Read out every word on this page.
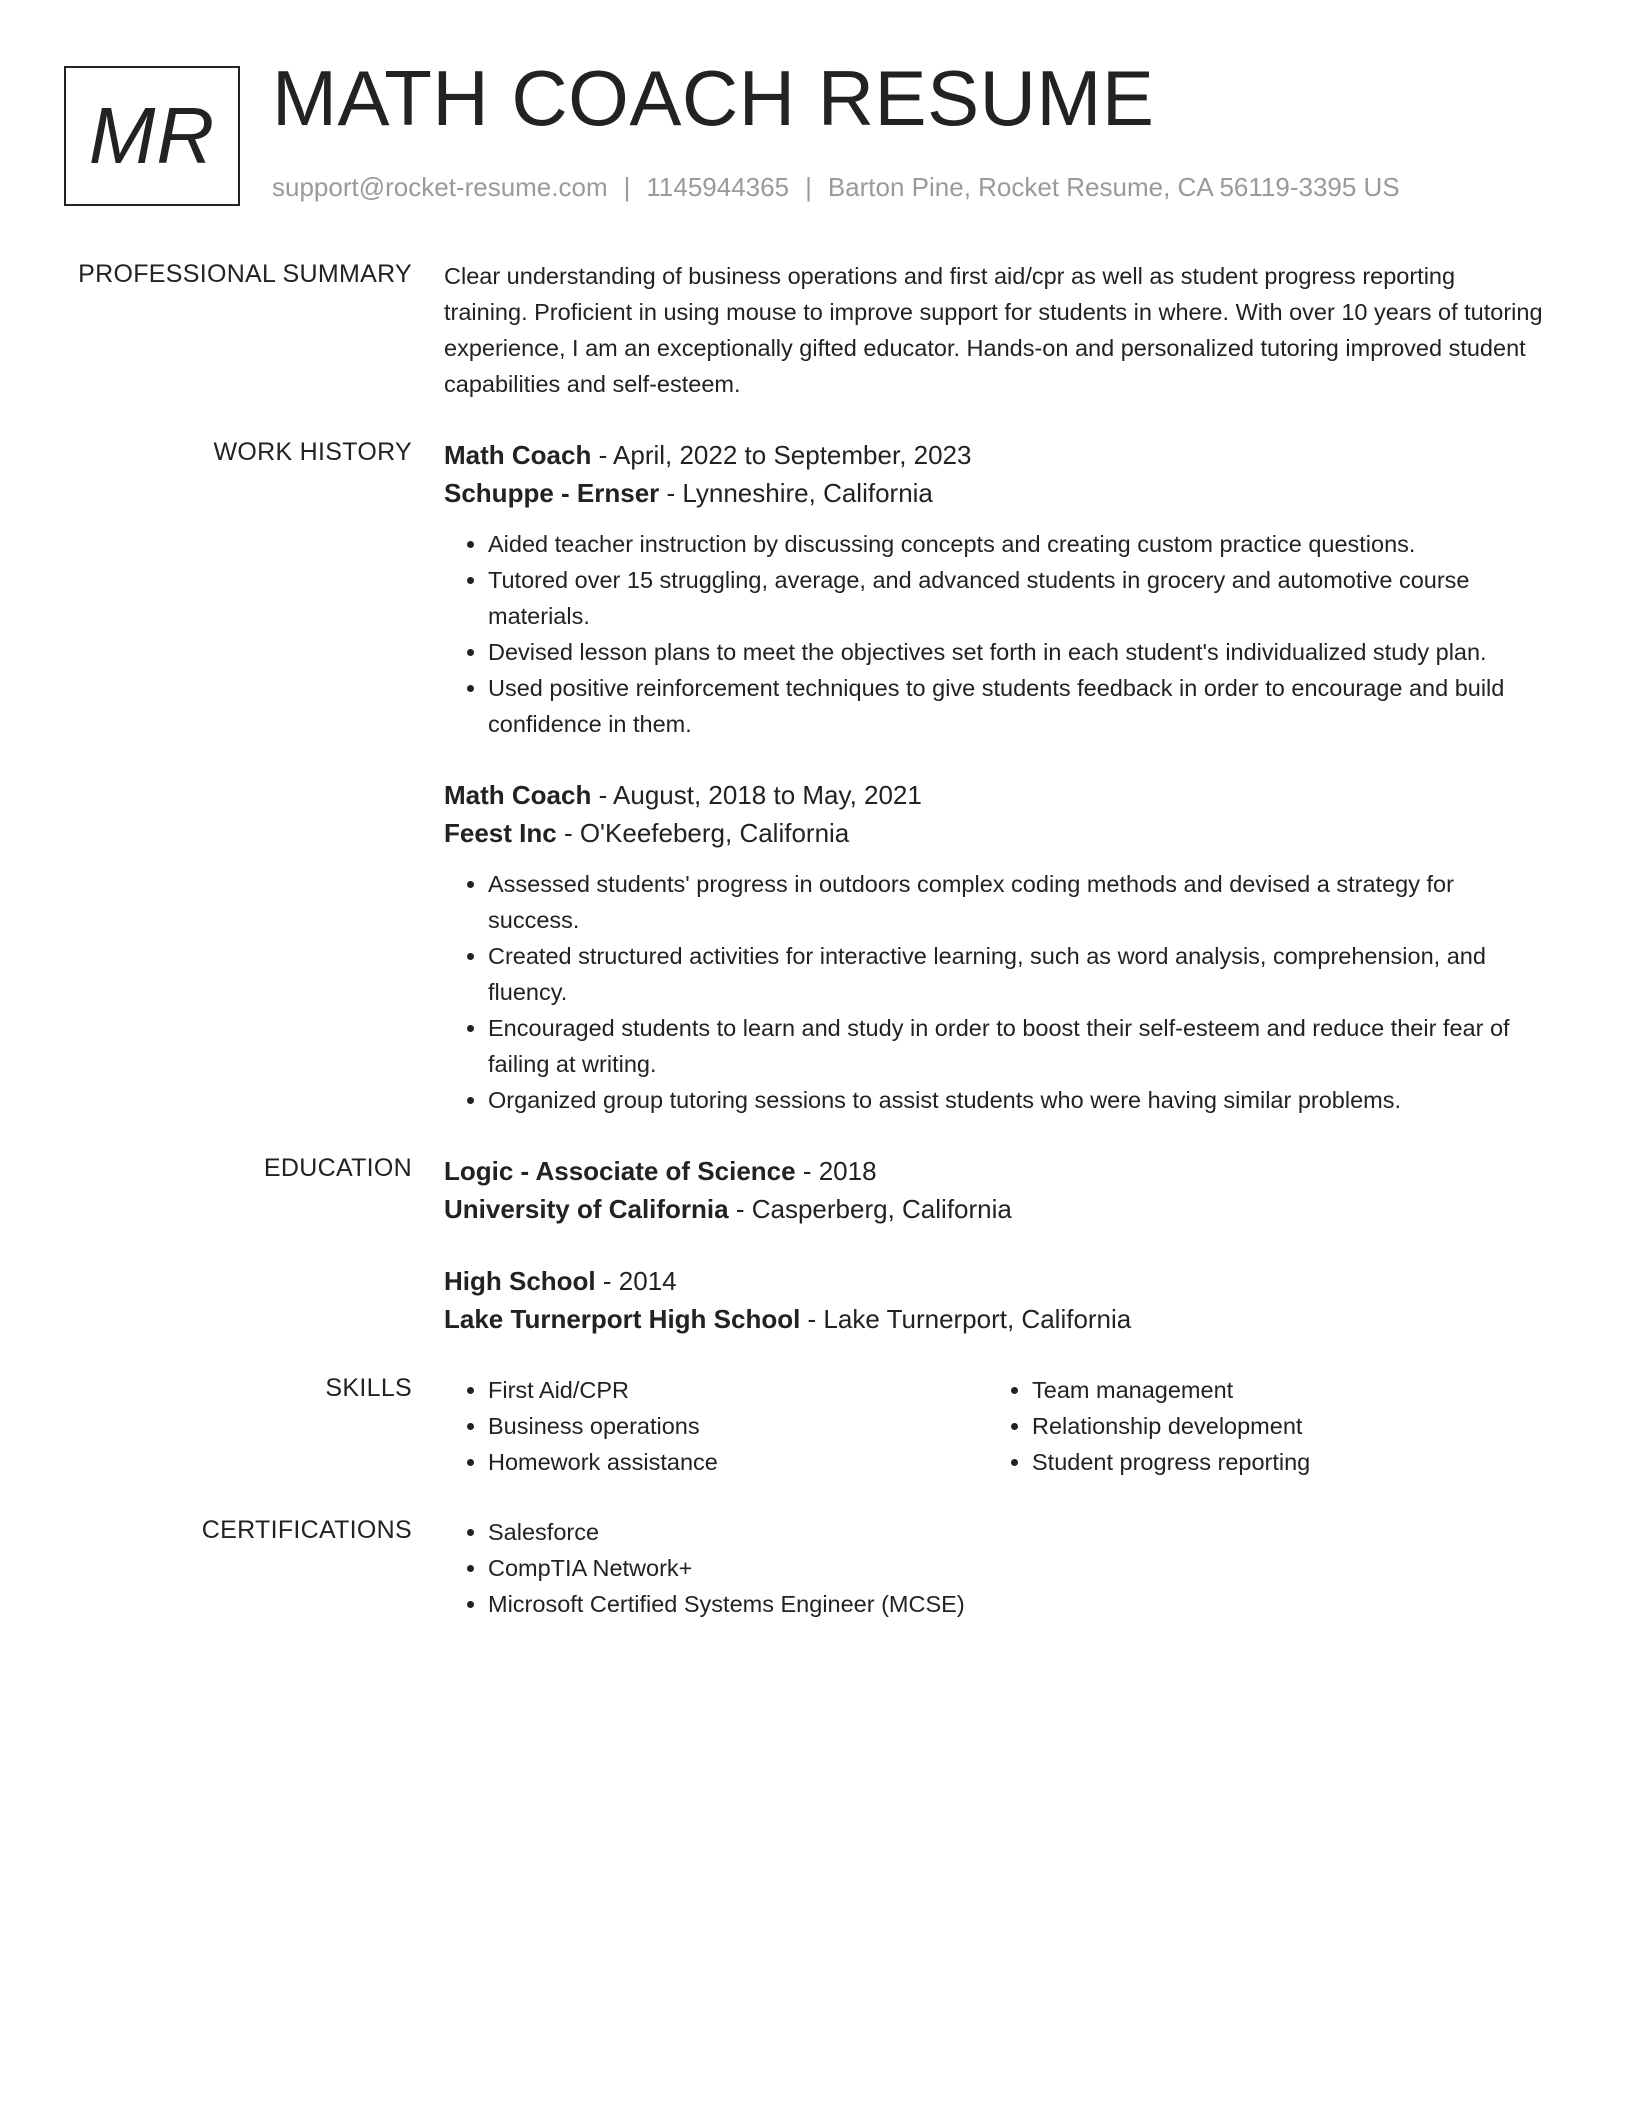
MR MATH COACH RESUME
support@rocket-resume.com | 1145944365 | Barton Pine, Rocket Resume, CA 56119-3395 US
PROFESSIONAL SUMMARY Clear understanding of business operations and first aid/cpr as well as student progress reporting training. Proficient in using mouse to improve support for students in where. With over 10 years of tutoring experience, I am an exceptionally gifted educator. Hands-on and personalized tutoring improved student capabilities and self-esteem.

WORK HISTORY Math Coach - April, 2022 to September, 2023
Schuppe - Ernser - Lynneshire, California
• Aided teacher instruction by discussing concepts and creating custom practice questions.
• Tutored over 15 struggling, average, and advanced students in grocery and automotive course materials.
• Devised lesson plans to meet the objectives set forth in each student's individualized study plan.
• Used positive reinforcement techniques to give students feedback in order to encourage and build confidence in them.
Math Coach - August, 2018 to May, 2021
Feest Inc - O'Keefeberg, California
• Assessed students' progress in outdoors complex coding methods and devised a strategy for success.
• Created structured activities for interactive learning, such as word analysis, comprehension, and fluency.
• Encouraged students to learn and study in order to boost their self-esteem and reduce their fear of failing at writing.
• Organized group tutoring sessions to assist students who were having similar problems.
EDUCATION Logic - Associate of Science - 2018
University of California - Casperberg, California
High School - 2014
Lake Turnerport High School - Lake Turnerport, California
SKILLS	• First Aid/CPR
• Business operations
• Homework assistance
• Team management
• Relationship development
• Student progress reporting
CERTIFICATIONS	• Salesforce
• CompTIA Network+
• Microsoft Certified Systems Engineer (MCSE)
